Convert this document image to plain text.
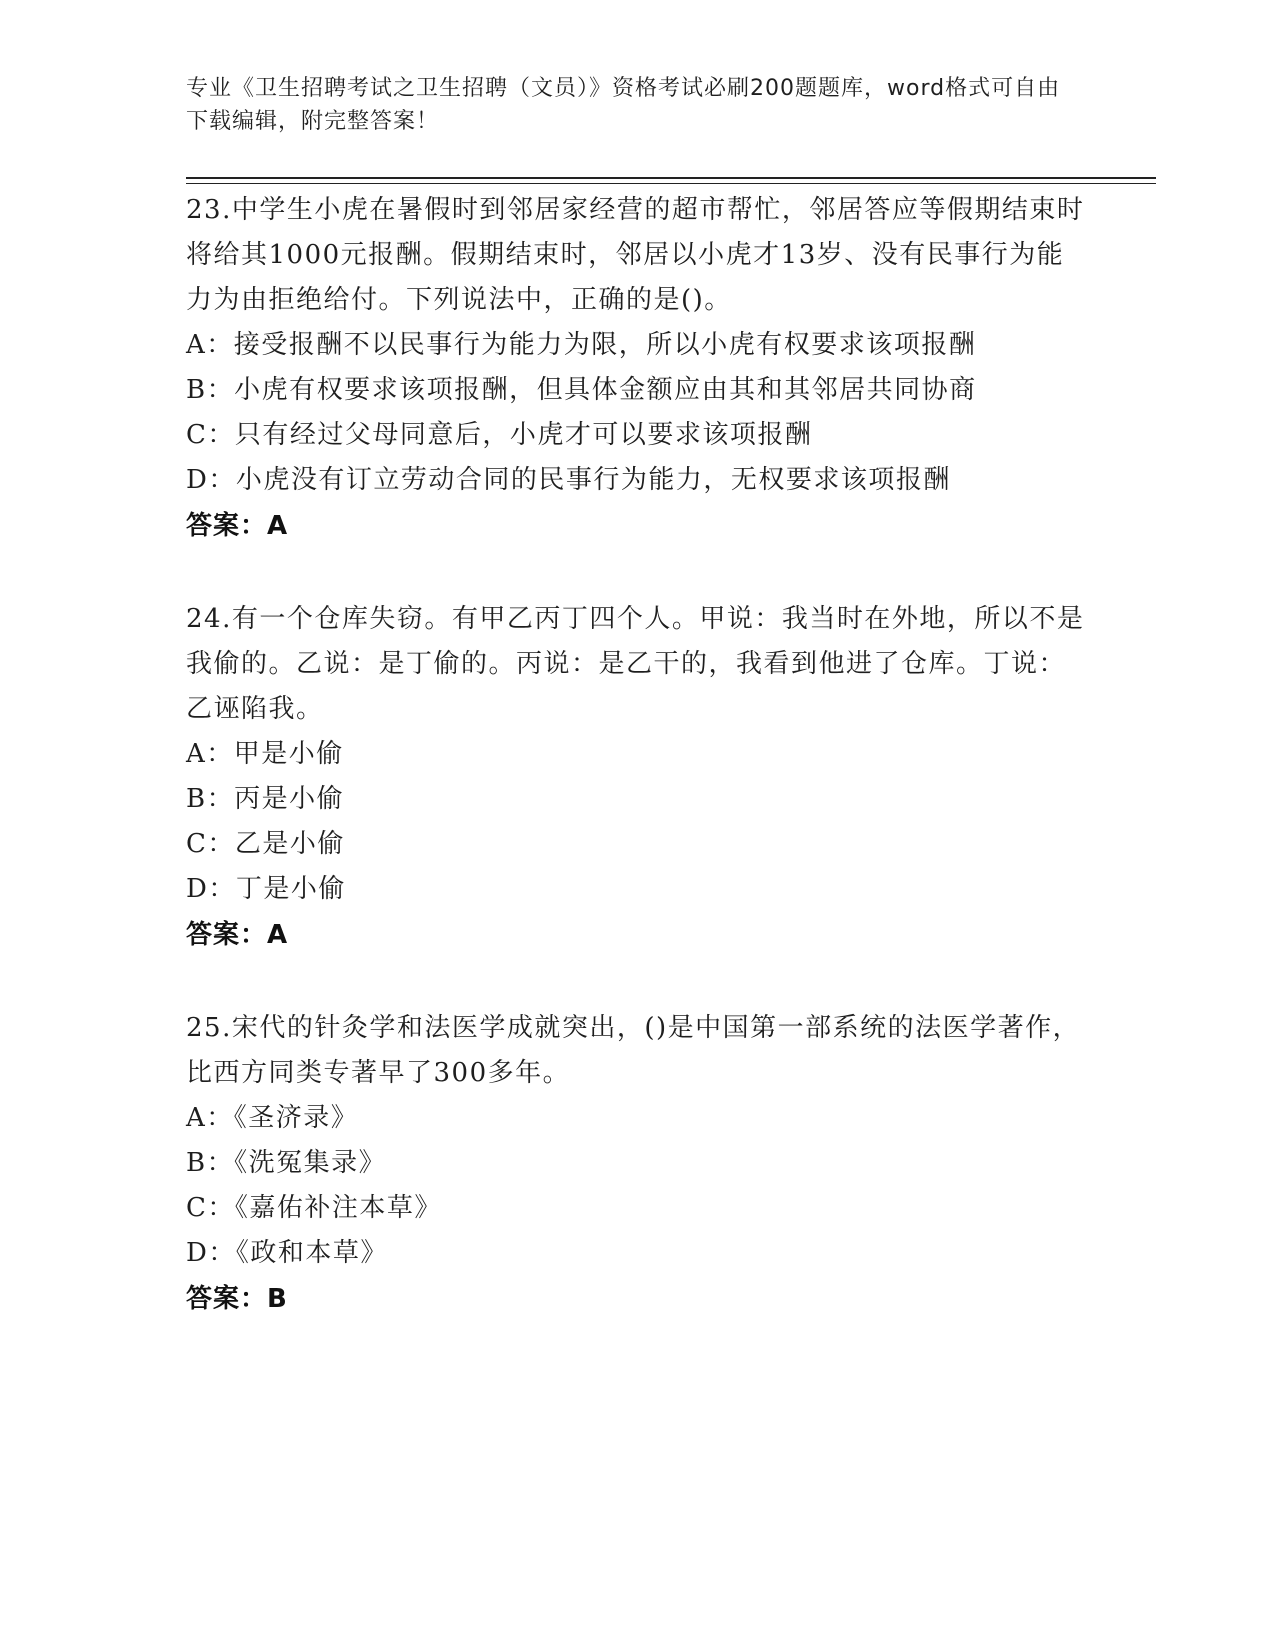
专业《卫生招聘考试之卫生招聘（文员）》资格考试必刷200题题库，word格式可自由下载编辑，附完整答案！
23.中学生小虎在暑假时到邻居家经营的超市帮忙，邻居答应等假期结束时将给其1000元报酬。假期结束时，邻居以小虎才13岁、没有民事行为能力为由拒绝给付。下列说法中，正确的是()。
A：接受报酬不以民事行为能力为限，所以小虎有权要求该项报酬
B：小虎有权要求该项报酬，但具体金额应由其和其邻居共同协商
C：只有经过父母同意后，小虎才可以要求该项报酬
D：小虎没有订立劳动合同的民事行为能力，无权要求该项报酬
答案：A
24.有一个仓库失窃。有甲乙丙丁四个人。甲说：我当时在外地，所以不是我偷的。乙说：是丁偷的。丙说：是乙干的，我看到他进了仓库。丁说：乙诬陷我。
A：甲是小偷
B：丙是小偷
C：乙是小偷
D：丁是小偷
答案：A
25.宋代的针灸学和法医学成就突出，()是中国第一部系统的法医学著作，比西方同类专著早了300多年。
A：《圣济录》
B：《洗冤集录》
C：《嘉佑补注本草》
D：《政和本草》
答案：B
